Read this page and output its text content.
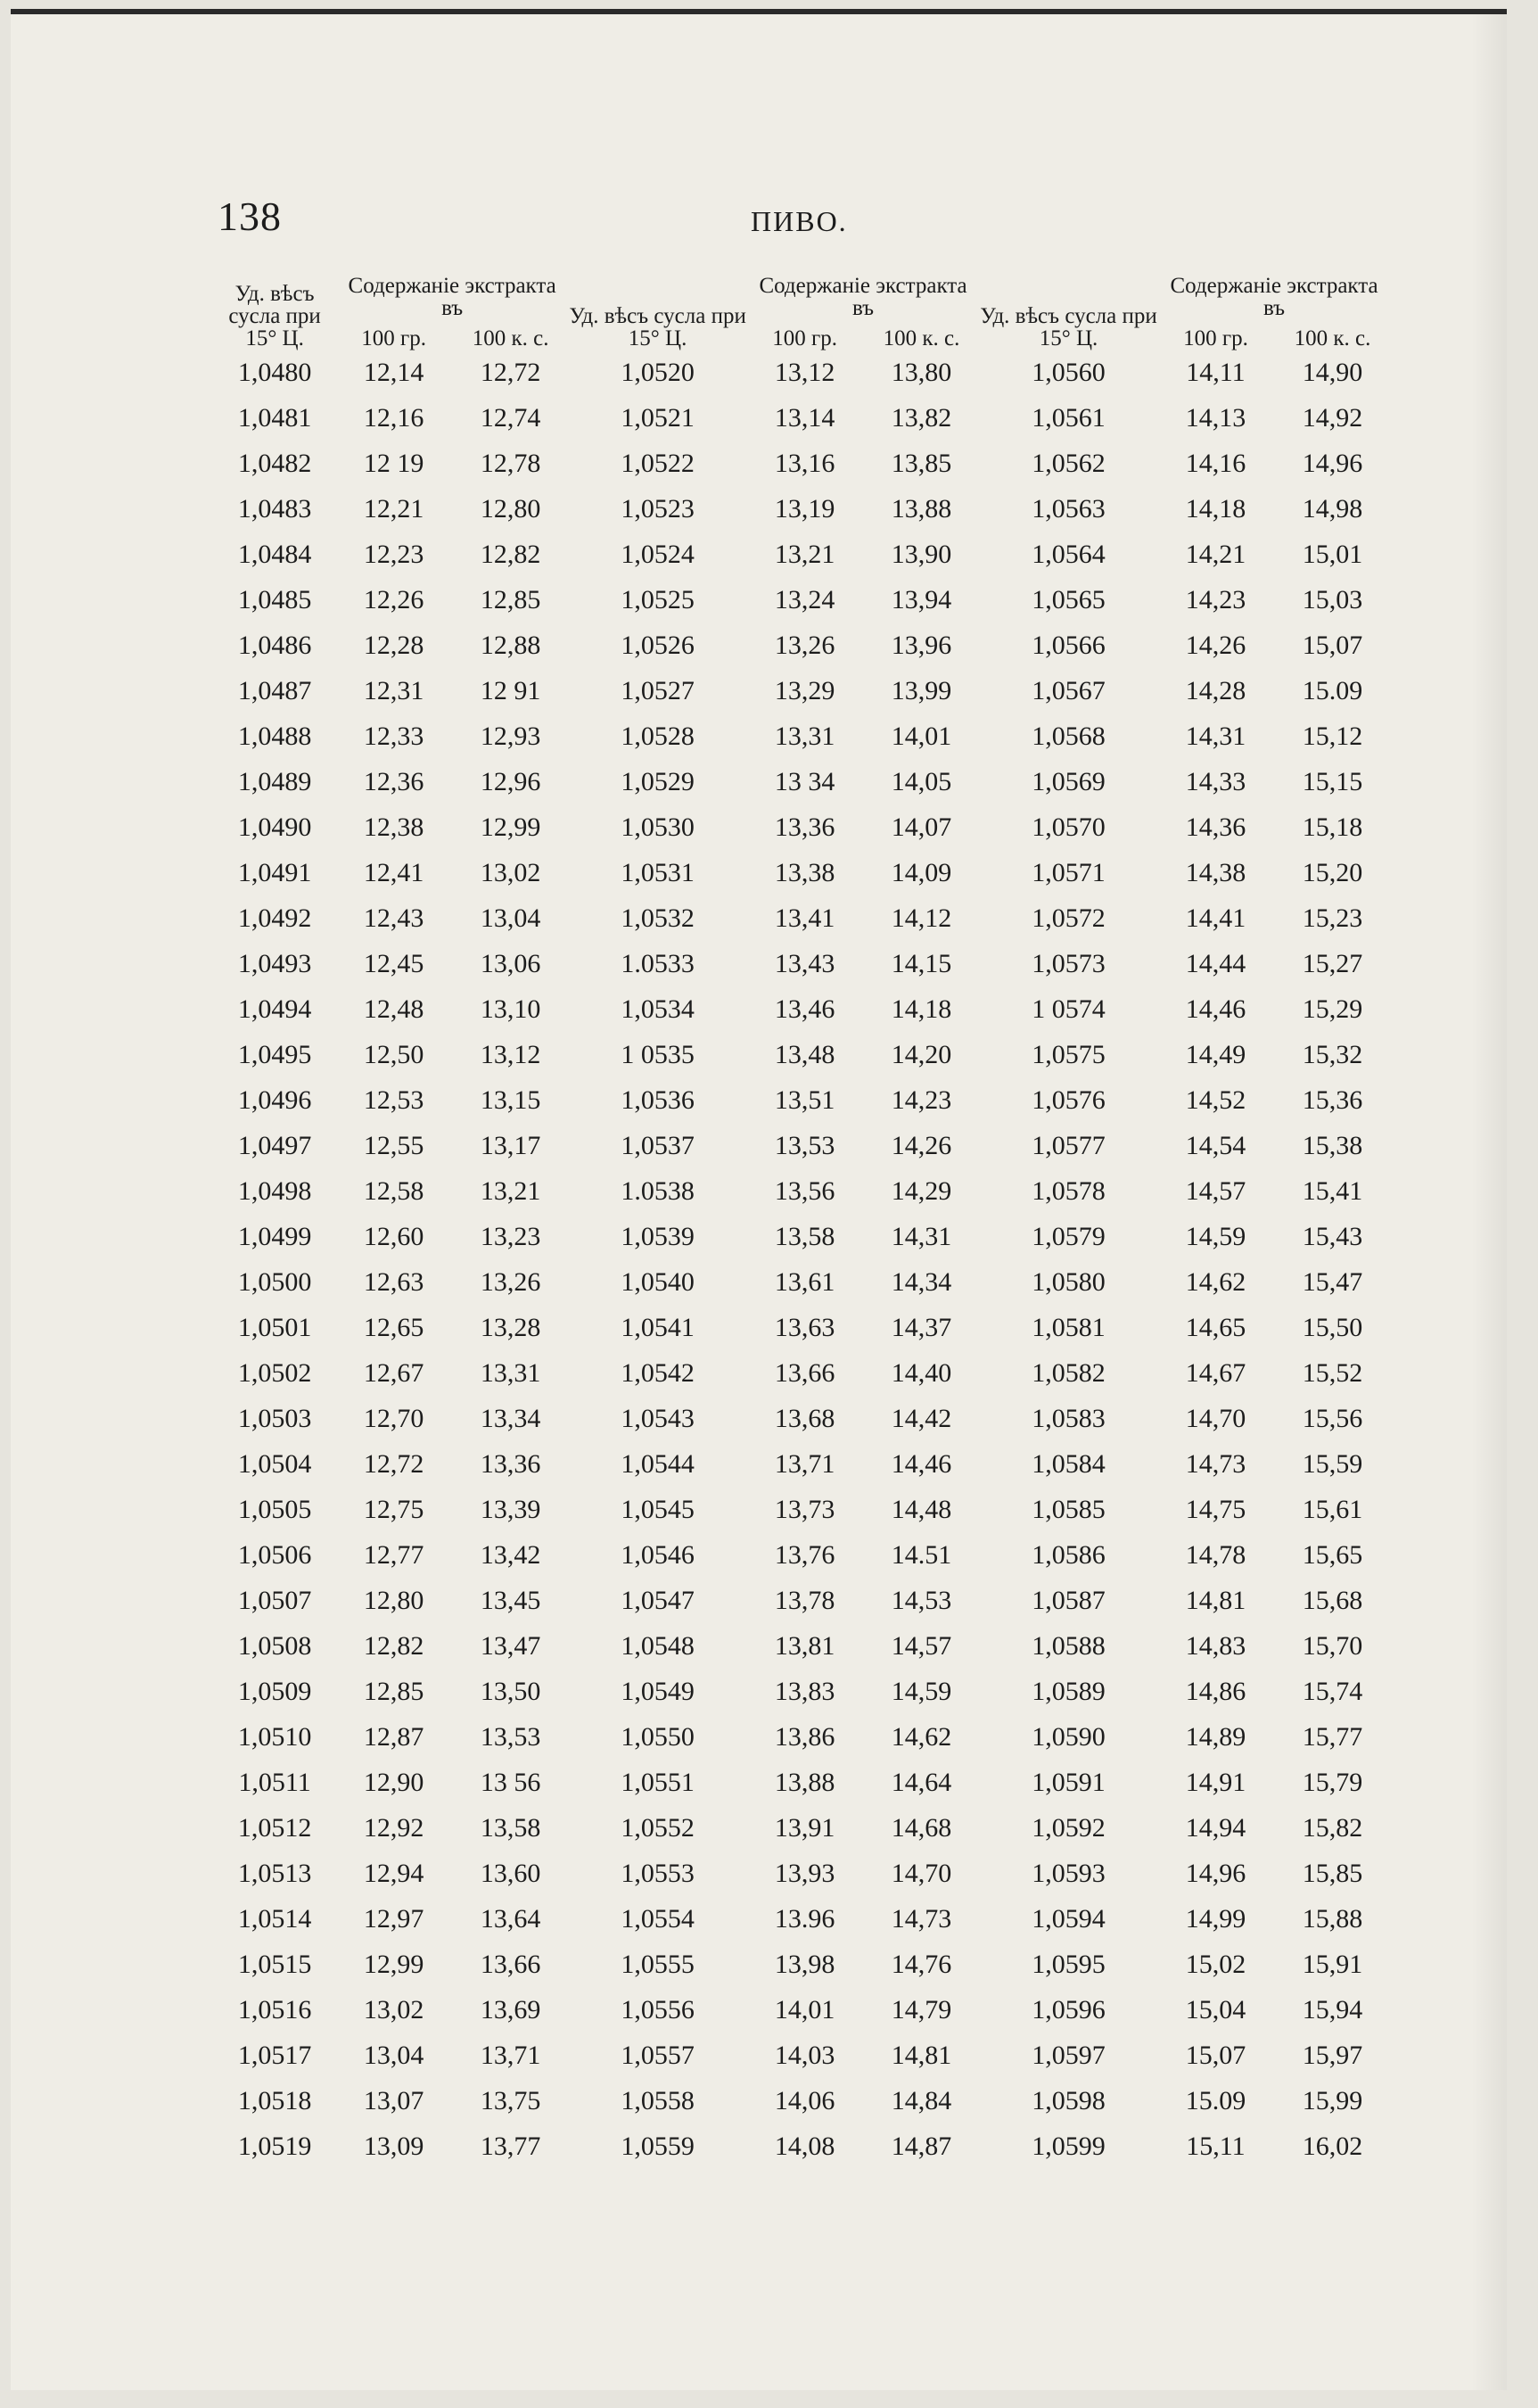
138	ПИВО.
Уд. вѣсъ сусла при 15° Ц.	Содержаніе экстракта въ		Уд. вѣсъ сусла при 15° Ц.	Содержаніе экстракта въ		Уд. вѣсъ сусла при 15° Ц.	Содержаніе экстракта въ	
	100 гр.	100 к. с.		100 гр.	100 к. с.		100 гр.	100 к. с.
1,0480	12,14	12,72	1,0520	13,12	13,80	1,0560	14,11	14,90
1,0481	12,16	12,74	1,0521	13,14	13,82	1,0561	14,13	14,92
1,0482	12 19	12,78	1,0522	13,16	13,85	1,0562	14,16	14,96
1,0483	12,21	12,80	1,0523	13,19	13,88	1,0563	14,18	14,98
1,0484	12,23	12,82	1,0524	13,21	13,90	1,0564	14,21	15,01
1,0485	12,26	12,85	1,0525	13,24	13,94	1,0565	14,23	15,03
1,0486	12,28	12,88	1,0526	13,26	13,96	1,0566	14,26	15,07
1,0487	12,31	12 91	1,0527	13,29	13,99	1,0567	14,28	15.09
1,0488	12,33	12,93	1,0528	13,31	14,01	1,0568	14,31	15,12
1,0489	12,36	12,96	1,0529	13 34	14,05	1,0569	14,33	15,15
1,0490	12,38	12,99	1,0530	13,36	14,07	1,0570	14,36	15,18
1,0491	12,41	13,02	1,0531	13,38	14,09	1,0571	14,38	15,20
1,0492	12,43	13,04	1,0532	13,41	14,12	1,0572	14,41	15,23
1,0493	12,45	13,06	1.0533	13,43	14,15	1,0573	14,44	15,27
1,0494	12,48	13,10	1,0534	13,46	14,18	1 0574	14,46	15,29
1,0495	12,50	13,12	1 0535	13,48	14,20	1,0575	14,49	15,32
1,0496	12,53	13,15	1,0536	13,51	14,23	1,0576	14,52	15,36
1,0497	12,55	13,17	1,0537	13,53	14,26	1,0577	14,54	15,38
1,0498	12,58	13,21	1.0538	13,56	14,29	1,0578	14,57	15,41
1,0499	12,60	13,23	1,0539	13,58	14,31	1,0579	14,59	15,43
1,0500	12,63	13,26	1,0540	13,61	14,34	1,0580	14,62	15,47
1,0501	12,65	13,28	1,0541	13,63	14,37	1,0581	14,65	15,50
1,0502	12,67	13,31	1,0542	13,66	14,40	1,0582	14,67	15,52
1,0503	12,70	13,34	1,0543	13,68	14,42	1,0583	14,70	15,56
1,0504	12,72	13,36	1,0544	13,71	14,46	1,0584	14,73	15,59
1,0505	12,75	13,39	1,0545	13,73	14,48	1,0585	14,75	15,61
1,0506	12,77	13,42	1,0546	13,76	14.51	1,0586	14,78	15,65
1,0507	12,80	13,45	1,0547	13,78	14,53	1,0587	14,81	15,68
1,0508	12,82	13,47	1,0548	13,81	14,57	1,0588	14,83	15,70
1,0509	12,85	13,50	1,0549	13,83	14,59	1,0589	14,86	15,74
1,0510	12,87	13,53	1,0550	13,86	14,62	1,0590	14,89	15,77
1,0511	12,90	13 56	1,0551	13,88	14,64	1,0591	14,91	15,79
1,0512	12,92	13,58	1,0552	13,91	14,68	1,0592	14,94	15,82
1,0513	12,94	13,60	1,0553	13,93	14,70	1,0593	14,96	15,85
1,0514	12,97	13,64	1,0554	13.96	14,73	1,0594	14,99	15,88
1,0515	12,99	13,66	1,0555	13,98	14,76	1,0595	15,02	15,91
1,0516	13,02	13,69	1,0556	14,01	14,79	1,0596	15,04	15,94
1,0517	13,04	13,71	1,0557	14,03	14,81	1,0597	15,07	15,97
1,0518	13,07	13,75	1,0558	14,06	14,84	1,0598	15.09	15,99
1,0519	13,09	13,77	1,0559	14,08	14,87	1,0599	15,11	16,02
